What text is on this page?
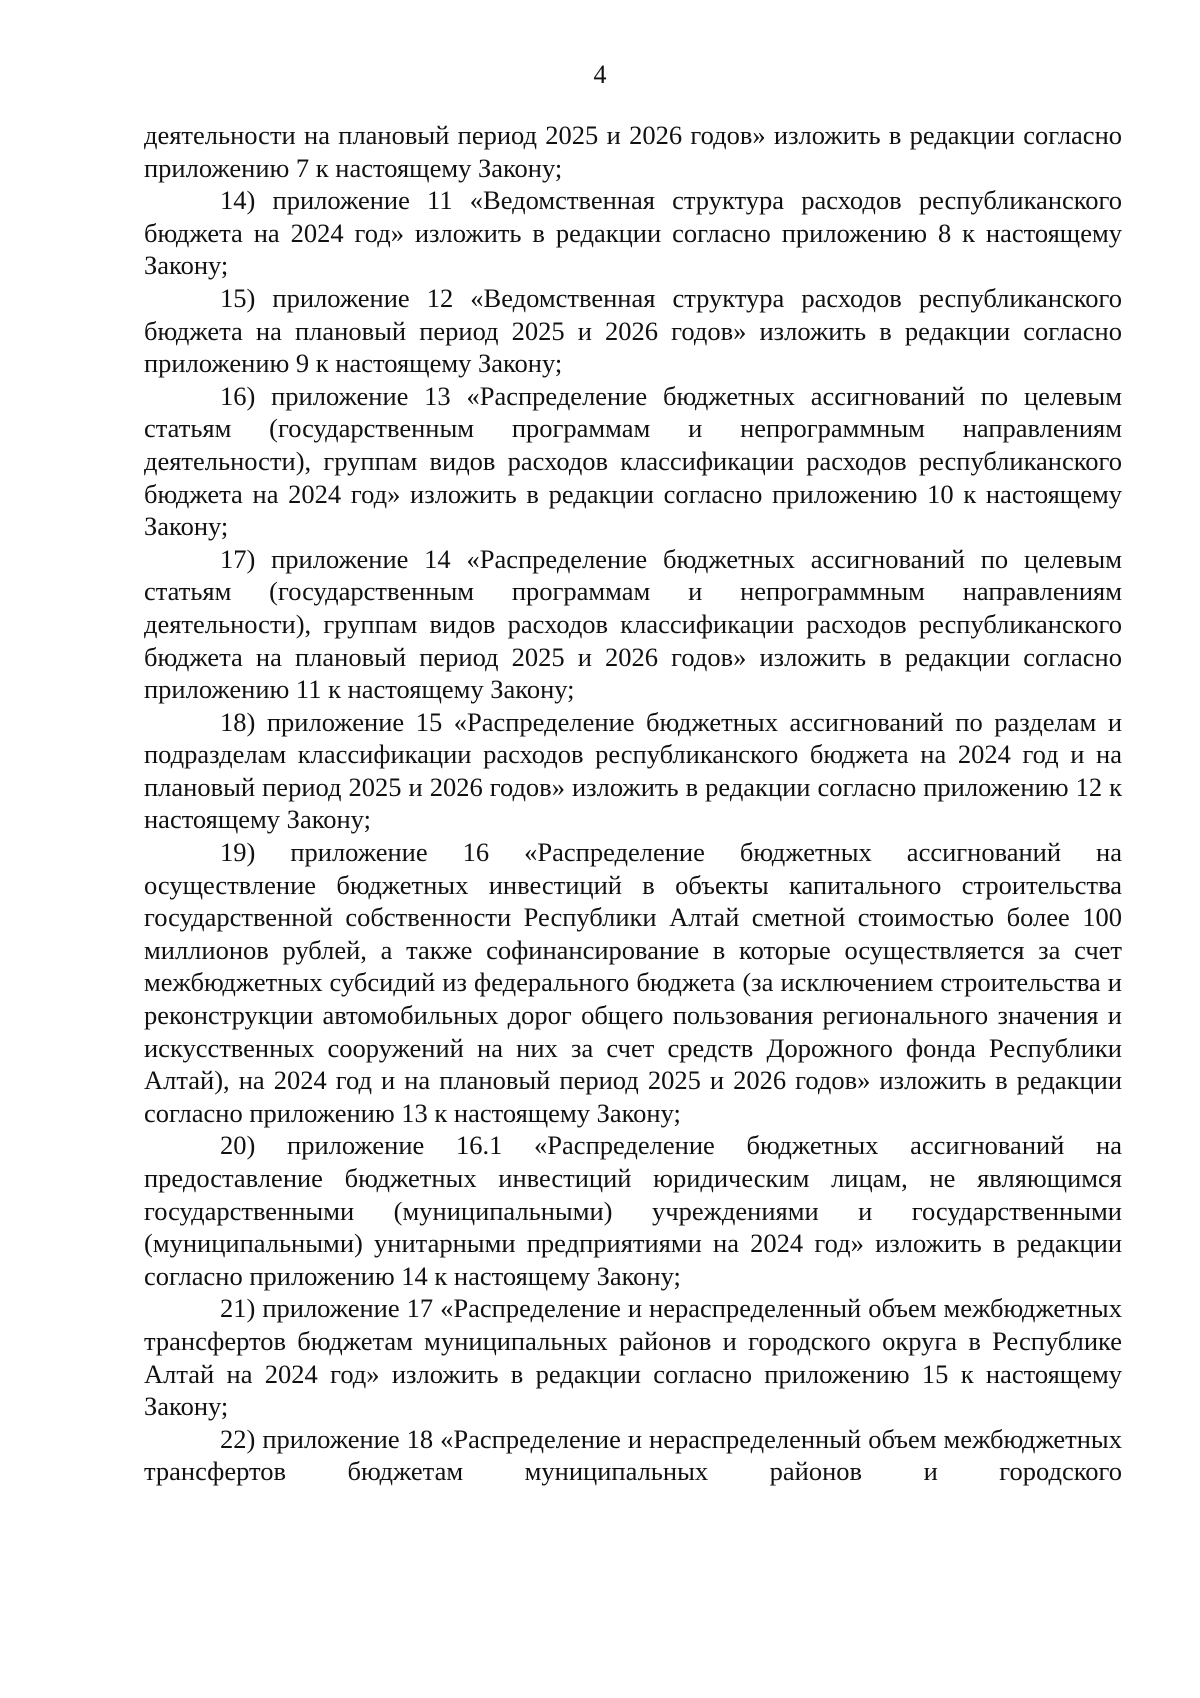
4

деятельности на плановый период 2025 и 2026 годов» изложить в редакции согласно приложению 7 к настоящему Закону;

14) приложение 11 «Ведомственная структура расходов республиканского бюджета на 2024 год» изложить в редакции согласно приложению 8 к настоящему Закону;

15) приложение 12 «Ведомственная структура расходов республиканского бюджета на плановый период 2025 и 2026 годов» изложить в редакции согласно приложению 9 к настоящему Закону;

16) приложение 13 «Распределение бюджетных ассигнований по целевым статьям (государственным программам и непрограммным направлениям деятельности), группам видов расходов классификации расходов республиканского бюджета на 2024 год» изложить в редакции согласно приложению 10 к настоящему Закону;

17) приложение 14 «Распределение бюджетных ассигнований по целевым статьям (государственным программам и непрограммным направлениям деятельности), группам видов расходов классификации расходов республиканского бюджета на плановый период 2025 и 2026 годов» изложить в редакции согласно приложению 11 к настоящему Закону;

18) приложение 15 «Распределение бюджетных ассигнований по разделам и подразделам классификации расходов республиканского бюджета на 2024 год и на плановый период 2025 и 2026 годов» изложить в редакции согласно приложению 12 к настоящему Закону;

19) приложение 16 «Распределение бюджетных ассигнований на осуществление бюджетных инвестиций в объекты капитального строительства государственной собственности Республики Алтай сметной стоимостью более 100 миллионов рублей, а также софинансирование в которые осуществляется за счет межбюджетных субсидий из федерального бюджета (за исключением строительства и реконструкции автомобильных дорог общего пользования регионального значения и искусственных сооружений на них за счет средств Дорожного фонда Республики Алтай), на 2024 год и на плановый период 2025 и 2026 годов» изложить в редакции согласно приложению 13 к настоящему Закону;

20) приложение 16.1 «Распределение бюджетных ассигнований на предоставление бюджетных инвестиций юридическим лицам, не являющимся государственными (муниципальными) учреждениями и государственными (муниципальными) унитарными предприятиями на 2024 год» изложить в редакции согласно приложению 14 к настоящему Закону;

21) приложение 17 «Распределение и нераспределенный объем межбюджетных трансфертов бюджетам муниципальных районов и городского округа в Республике Алтай на 2024 год» изложить в редакции согласно приложению 15 к настоящему Закону;

22) приложение 18 «Распределение и нераспределенный объем межбюджетных трансфертов бюджетам муниципальных районов и городского
